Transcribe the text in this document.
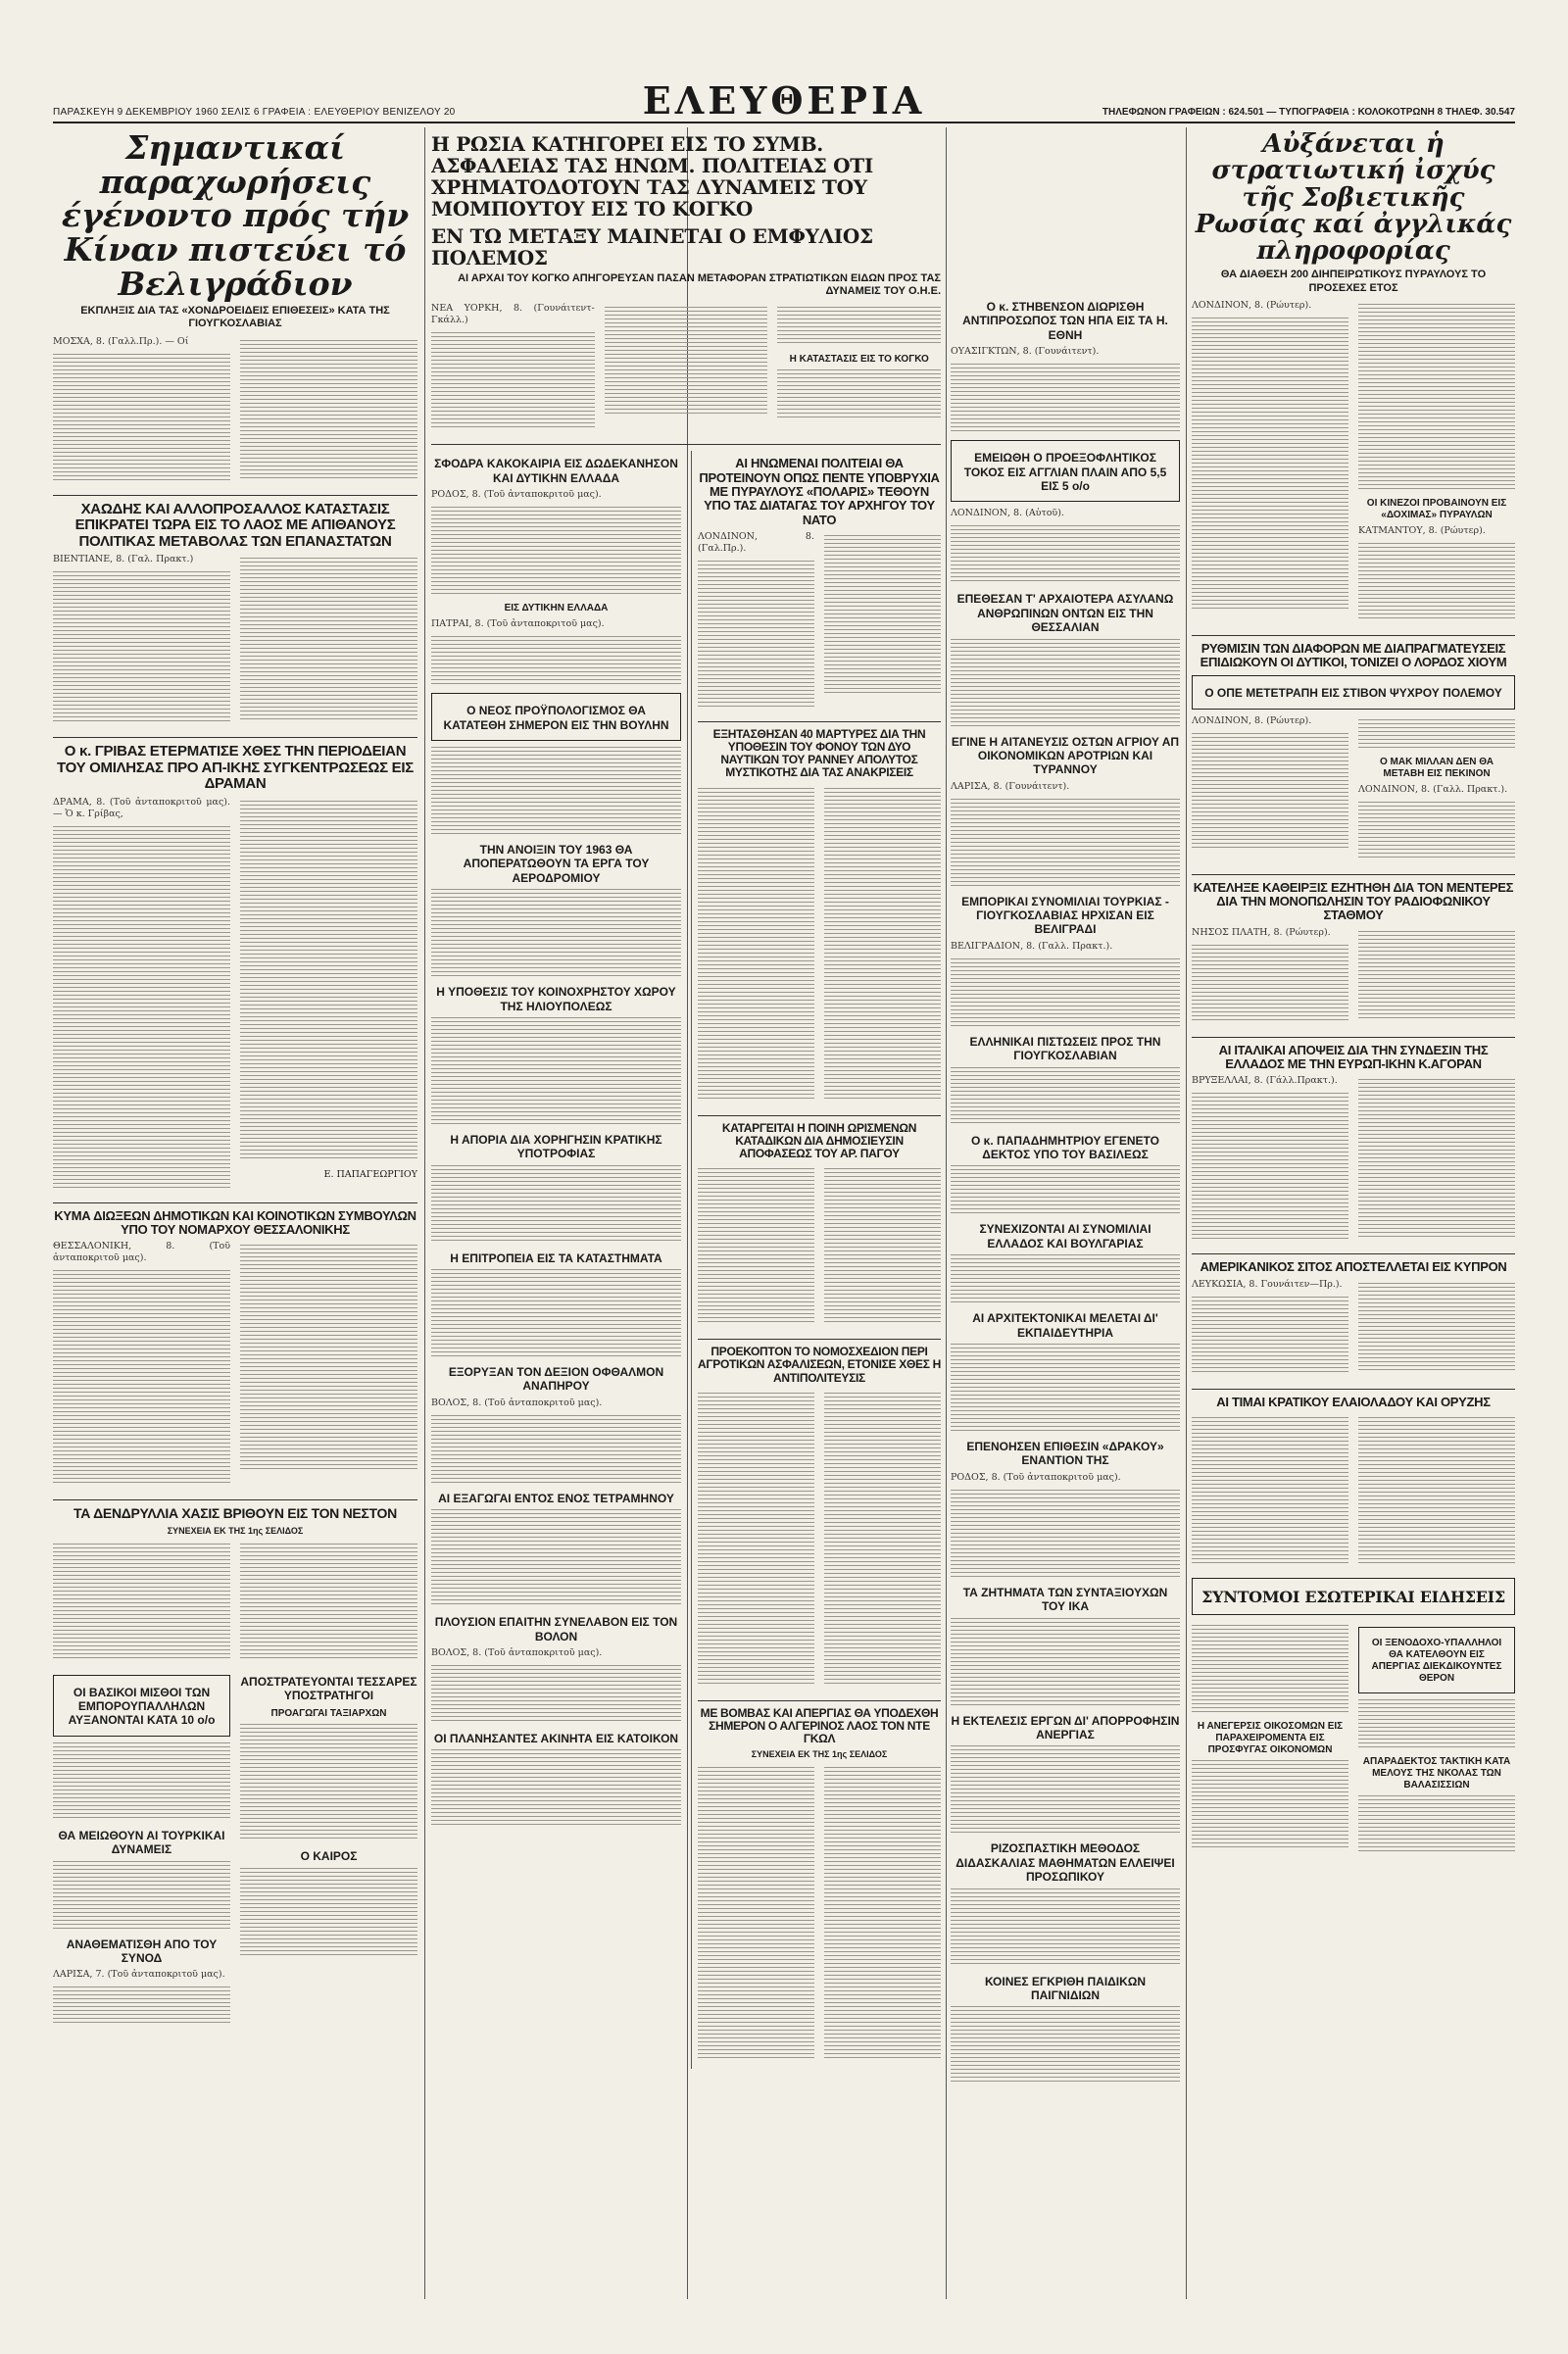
ΠΑΡΑΣΚΕΥΗ 9 ΔΕΚΕΜΒΡΙΟΥ 1960 ΣΕΛΙΣ 6 ΓΡΑΦΕΙΑ : ΕΛΕΥΘΕΡΙΟΥ ΒΕΝΙΖΕΛΟΥ 20	ΕΛΕΥΘΕΡΙΑ	ΤΗΛΕΦΩΝΟΝ ΓΡΑΦΕΙΩΝ : 624.501 — ΤΥΠΟΓΡΑΦΕΙΑ : ΚΟΛΟΚΟΤΡΩΝΗ 8 ΤΗΛΕΦ. 30.547
Σημαντικαί παραχωρήσεις έγένοντο πρός τήν Κίναν πιστεύει τό Βελιγράδιον
ΕΚΠΛΗΞΙΣ ΔΙΑ ΤΑΣ «ΧΟΝΔΡΟΕΙΔΕΙΣ ΕΠΙΘΕΣΕΙΣ» ΚΑΤΑ ΤΗΣ ΓΙΟΥΓΚΟΣΛΑΒΙΑΣ
ΜΟΣΧΑ, 8. (Γαλλ.Πρ.). — Οί
ΧΑΩΔΗΣ ΚΑΙ ΑΛΛΟΠΡΟΣΑΛΛΟΣ ΚΑΤΑΣΤΑΣΙΣ ΕΠΙΚΡΑΤΕΙ ΤΩΡΑ ΕΙΣ ΤΟ ΛΑΟΣ ΜΕ ΑΠΙΘΑΝΟΥΣ ΠΟΛΙΤΙΚΑΣ ΜΕΤΑΒΟΛΑΣ ΤΩΝ ΕΠΑΝΑΣΤΑΤΩΝ
ΒΙΕΝΤΙΑΝΕ, 8. (Γαλ. Πρακτ.)
Ο κ. ΓΡΙΒΑΣ ΕΤΕΡΜΑΤΙΣΕ ΧΘΕΣ ΤΗΝ ΠΕΡΙΟΔΕΙΑΝ ΤΟΥ ΟΜΙΛΗΣΑΣ ΠΡΟ ΑΠ-ΙΚΗΣ ΣΥΓΚΕΝΤΡΩΣΕΩΣ ΕΙΣ ΔΡΑΜΑΝ
ΔΡΑΜΑ, 8. (Τοῦ ἀνταποκριτοῦ μας). — Ὁ κ. Γρίβας,
Ε. ΠΑΠΑΓΕΩΡΓΙΟΥ
ΚΥΜΑ ΔΙΩΞΕΩΝ ΔΗΜΟΤΙΚΩΝ ΚΑΙ ΚΟΙΝΟΤΙΚΩΝ ΣΥΜΒΟΥΛΩΝ ΥΠΟ ΤΟΥ ΝΟΜΑΡΧΟΥ ΘΕΣΣΑΛΟΝΙΚΗΣ
ΘΕΣΣΑΛΟΝΙΚΗ, 8. (Τοῦ ἀνταποκριτοῦ μας).
ΤΑ ΔΕΝΔΡΥΛΛΙΑ ΧΑΣΙΣ ΒΡΙΘΟΥΝ ΕΙΣ ΤΟΝ ΝΕΣΤΟΝ
ΣΥΝΕΧΕΙΑ ΕΚ ΤΗΣ 1ης ΣΕΛΙΔΟΣ
ΟΙ ΒΑΣΙΚΟΙ ΜΙΣΘΟΙ ΤΩΝ ΕΜΠΟΡΟΥΠΑΛΛΗΛΩΝ ΑΥΞΑΝΟΝΤΑΙ ΚΑΤΑ 10 ο/ο
ΘΑ ΜΕΙΩΘΟΥΝ ΑΙ ΤΟΥΡΚΙΚΑΙ ΔΥΝΑΜΕΙΣ
ΑΝΑΘΕΜΑΤΙΣΘΗ ΑΠΟ ΤΟΥ ΣΥΝΟΔ
ΛΑΡΙΣΑ, 7. (Τοῦ ἀνταποκριτοῦ μας).
ΑΠΟΣΤΡΑΤΕΥΟΝΤΑΙ ΤΕΣΣΑΡΕΣ ΥΠΟΣΤΡΑΤΗΓΟΙ
ΠΡΟΑΓΩΓΑΙ ΤΑΞΙΑΡΧΩΝ
Ο ΚΑΙΡΟΣ
Η ΡΩΣΙΑ ΚΑΤΗΓΟΡΕΙ ΕΙΣ ΤΟ ΣΥΜΒ. ΑΣΦΑΛΕΙΑΣ ΤΑΣ ΗΝΩΜ. ΠΟΛΙΤΕΙΑΣ ΟΤΙ ΧΡΗΜΑΤΟΔΟΤΟΥΝ ΤΑΣ ΔΥΝΑΜΕΙΣ ΤΟΥ ΜΟΜΠΟΥΤΟΥ ΕΙΣ ΤΟ ΚΟΓΚΟ
ΕΝ ΤΩ ΜΕΤΑΞΥ ΜΑΙΝΕΤΑΙ Ο ΕΜΦΥΛΙΟΣ ΠΟΛΕΜΟΣ
ΑΙ ΑΡΧΑΙ ΤΟΥ ΚΟΓΚΟ ΑΠΗΓΟΡΕΥΣΑΝ ΠΑΣΑΝ ΜΕΤΑΦΟΡΑΝ ΣΤΡΑΤΙΩΤΙΚΩΝ ΕΙΔΩΝ ΠΡΟΣ ΤΑΣ ΔΥΝΑΜΕΙΣ ΤΟΥ Ο.Η.Ε.
ΝΕΑ ΥΟΡΚΗ, 8. (Γουνάιτεντ-Γκάλλ.)
Η ΚΑΤΑΣΤΑΣΙΣ ΕΙΣ ΤΟ ΚΟΓΚΟ
ΣΦΟΔΡΑ ΚΑΚΟΚΑΙΡΙΑ ΕΙΣ ΔΩΔΕΚΑΝΗΣΟΝ ΚΑΙ ΔΥΤΙΚΗΝ ΕΛΛΑΔΑ
ΡΟΔΟΣ, 8. (Τοῦ ἀνταποκριτοῦ μας).
ΕΙΣ ΔΥΤΙΚΗΝ ΕΛΛΑΔΑ
ΠΑΤΡΑΙ, 8. (Τοῦ ἀνταποκριτοῦ μας).
Ο ΝΕΟΣ ΠΡΟΫΠΟΛΟΓΙΣΜΟΣ ΘΑ ΚΑΤΑΤΕΘΗ ΣΗΜΕΡΟΝ ΕΙΣ ΤΗΝ ΒΟΥΛΗΝ
ΤΗΝ ΑΝΟΙΞΙΝ ΤΟΥ 1963 ΘΑ ΑΠΟΠΕΡΑΤΩΘΟΥΝ ΤΑ ΕΡΓΑ ΤΟΥ ΑΕΡΟΔΡΟΜΙΟΥ
Η ΥΠΟΘΕΣΙΣ ΤΟΥ ΚΟΙΝΟΧΡΗΣΤΟΥ ΧΩΡΟΥ ΤΗΣ ΗΛΙΟΥΠΟΛΕΩΣ
Η ΑΠΟΡΙΑ ΔΙΑ ΧΟΡΗΓΗΣΙΝ ΚΡΑΤΙΚΗΣ ΥΠΟΤΡΟΦΙΑΣ
Η ΕΠΙΤΡΟΠΕΙΑ ΕΙΣ ΤΑ ΚΑΤΑΣΤΗΜΑΤΑ
ΕΞΟΡΥΞΑΝ ΤΟΝ ΔΕΞΙΟΝ ΟΦΘΑΛΜΟΝ ΑΝΑΠΗΡΟΥ
ΒΟΛΟΣ, 8. (Τοῦ ἀνταποκριτοῦ μας).
ΑΙ ΕΞΑΓΩΓΑΙ ΕΝΤΟΣ ΕΝΟΣ ΤΕΤΡΑΜΗΝΟΥ
ΠΛΟΥΣΙΟΝ ΕΠΑΙΤΗΝ ΣΥΝΕΛΑΒΟΝ ΕΙΣ ΤΟΝ ΒΟΛΟΝ
ΒΟΛΟΣ, 8. (Τοῦ ἀνταποκριτοῦ μας).
ΟΙ ΠΛΑΝΗΣΑΝΤΕΣ ΑΚΙΝΗΤΑ ΕΙΣ ΚΑΤΟΙΚΟΝ
ΑΙ ΗΝΩΜΕΝΑΙ ΠΟΛΙΤΕΙΑΙ ΘΑ ΠΡΟΤΕΙΝΟΥΝ ΟΠΩΣ ΠΕΝΤΕ ΥΠΟΒΡΥΧΙΑ ΜΕ ΠΥΡΑΥΛΟΥΣ «ΠΟΛΑΡΙΣ» ΤΕΘΟΥΝ ΥΠΟ ΤΑΣ ΔΙΑΤΑΓΑΣ ΤΟΥ ΑΡΧΗΓΟΥ ΤΟΥ ΝΑΤΟ
ΛΟΝΔΙΝΟΝ, 8. (Γαλ.Πρ.).
ΕΞΗΤΑΣΘΗΣΑΝ 40 ΜΑΡΤΥΡΕΣ ΔΙΑ ΤΗΝ ΥΠΟΘΕΣΙΝ ΤΟΥ ΦΟΝΟΥ ΤΩΝ ΔΥΟ ΝΑΥΤΙΚΩΝ ΤΟΥ ΡΑΝΝΕΥ ΑΠΟΛΥΤΟΣ ΜΥΣΤΙΚΟΤΗΣ ΔΙΑ ΤΑΣ ΑΝΑΚΡΙΣΕΙΣ
ΚΑΤΑΡΓΕΙΤΑΙ Η ΠΟΙΝΗ ΩΡΙΣΜΕΝΩΝ ΚΑΤΑΔΙΚΩΝ ΔΙΑ ΔΗΜΟΣΙΕΥΣΙΝ ΑΠΟΦΑΣΕΩΣ ΤΟΥ ΑΡ. ΠΑΓΟΥ
ΠΡΟΕΚΟΠΤΟΝ ΤΟ ΝΟΜΟΣΧΕΔΙΟΝ ΠΕΡΙ ΑΓΡΟΤΙΚΩΝ ΑΣΦΑΛΙΣΕΩΝ, ΕΤΟΝΙΣΕ ΧΘΕΣ Η ΑΝΤΙΠΟΛΙΤΕΥΣΙΣ
ΜΕ ΒΟΜΒΑΣ ΚΑΙ ΑΠΕΡΓΙΑΣ ΘΑ ΥΠΟΔΕΧΘΗ ΣΗΜΕΡΟΝ Ο ΑΛΓΕΡΙΝΟΣ ΛΑΟΣ ΤΟΝ ΝΤΕ ΓΚΩΛ
ΣΥΝΕΧΕΙΑ ΕΚ ΤΗΣ 1ης ΣΕΛΙΔΟΣ
Ο κ. ΣΤΗΒΕΝΣΟΝ ΔΙΩΡΙΣΘΗ ΑΝΤΙΠΡΟΣΩΠΟΣ ΤΩΝ ΗΠΑ ΕΙΣ ΤΑ Η. ΕΘΝΗ
ΟΥΑΣΙΓΚΤΩΝ, 8. (Γουνάιτεντ).
ΕΜΕΙΩΘΗ Ο ΠΡΟΕΞΟΦΛΗΤΙΚΟΣ ΤΟΚΟΣ ΕΙΣ ΑΓΓΛΙΑΝ ΠΛΑΙΝ ΑΠΟ 5,5 ΕΙΣ 5 ο/ο
ΛΟΝΔΙΝΟΝ, 8. (Αὐτοῦ).
ΕΠΕΘΕΣΑΝ Τ' ΑΡΧΑΙΟΤΕΡΑ ΑΣΥΛΑΝΩ ΑΝΘΡΩΠΙΝΩΝ ΟΝΤΩΝ ΕΙΣ ΤΗΝ ΘΕΣΣΑΛΙΑΝ
ΕΓΙΝΕ Η ΑΙΤΑΝΕΥΣΙΣ ΟΣΤΩΝ ΑΓΡΙΟΥ ΑΠ ΟΙΚΟΝΟΜΙΚΩΝ ΑΡΟΤΡΙΩΝ ΚΑΙ ΤΥΡΑΝΝΟΥ
ΛΑΡΙΣΑ, 8. (Γουνάιτεντ).
ΕΜΠΟΡΙΚΑΙ ΣΥΝΟΜΙΛΙΑΙ ΤΟΥΡΚΙΑΣ - ΓΙΟΥΓΚΟΣΛΑΒΙΑΣ ΗΡΧΙΣΑΝ ΕΙΣ ΒΕΛΙΓΡΑΔΙ
ΒΕΛΙΓΡΑΔΙΟΝ, 8. (Γαλλ. Πρακτ.).
ΕΛΛΗΝΙΚΑΙ ΠΙΣΤΩΣΕΙΣ ΠΡΟΣ ΤΗΝ ΓΙΟΥΓΚΟΣΛΑΒΙΑΝ
Ο κ. ΠΑΠΑΔΗΜΗΤΡΙΟΥ ΕΓΕΝΕΤΟ ΔΕΚΤΟΣ ΥΠΟ ΤΟΥ ΒΑΣΙΛΕΩΣ
ΣΥΝΕΧΙΖΟΝΤΑΙ ΑΙ ΣΥΝΟΜΙΛΙΑΙ ΕΛΛΑΔΟΣ ΚΑΙ ΒΟΥΛΓΑΡΙΑΣ
ΑΙ ΑΡΧΙΤΕΚΤΟΝΙΚΑΙ ΜΕΛΕΤΑΙ ΔΙ' ΕΚΠΑΙΔΕΥΤΗΡΙΑ
ΕΠΕΝΟΗΣΕΝ ΕΠΙΘΕΣΙΝ «ΔΡΑΚΟΥ» ΕΝΑΝΤΙΟΝ ΤΗΣ
ΡΟΔΟΣ, 8. (Τοῦ ἀνταποκριτοῦ μας).
ΤΑ ΖΗΤΗΜΑΤΑ ΤΩΝ ΣΥΝΤΑΞΙΟΥΧΩΝ ΤΟΥ ΙΚΑ
Η ΕΚΤΕΛΕΣΙΣ ΕΡΓΩΝ ΔΙ' ΑΠΟΡΡΟΦΗΣΙΝ ΑΝΕΡΓΙΑΣ
ΡΙΖΟΣΠΑΣΤΙΚΗ ΜΕΘΟΔΟΣ ΔΙΔΑΣΚΑΛΙΑΣ ΜΑΘΗΜΑΤΩΝ ΕΛΛΕΙΨΕΙ ΠΡΟΣΩΠΙΚΟΥ
ΚΟΙΝΕΣ ΕΓΚΡΙΘΗ ΠΑΙΔΙΚΩΝ ΠΑΙΓΝΙΔΙΩΝ
Αὐξάνεται ἡ στρατιωτική ἰσχύς τῆς Σοβιετικῆς Ρωσίας καί ἀγγλικάς πληροφορίας
ΘΑ ΔΙΑΘΕΣΗ 200 ΔΙΗΠΕΙΡΩΤΙΚΟΥΣ ΠΥΡΑΥΛΟΥΣ ΤΟ ΠΡΟΣΕΧΕΣ ΕΤΟΣ
ΛΟΝΔΙΝΟΝ, 8. (Ρώυτερ).
ΟΙ ΚΙΝΕΖΟΙ ΠΡΟΒΑΙΝΟΥΝ ΕΙΣ «ΔΟΧΙΜΑΣ» ΠΥΡΑΥΛΩΝ
ΚΑΤΜΑΝΤΟΥ, 8. (Ρώυτερ).
ΡΥΘΜΙΣΙΝ ΤΩΝ ΔΙΑΦΟΡΩΝ ΜΕ ΔΙΑΠΡΑΓΜΑΤΕΥΣΕΙΣ ΕΠΙΔΙΩΚΟΥΝ ΟΙ ΔΥΤΙΚΟΙ, ΤΟΝΙΖΕΙ Ο ΛΟΡΔΟΣ ΧΙΟΥΜ
Ο ΟΠΕ ΜΕΤΕΤΡΑΠΗ ΕΙΣ ΣΤΙΒΟΝ ΨΥΧΡΟΥ ΠΟΛΕΜΟΥ
ΛΟΝΔΙΝΟΝ, 8. (Ρώυτερ).
Ο ΜΑΚ ΜΙΛΛΑΝ ΔΕΝ ΘΑ ΜΕΤΑΒΗ ΕΙΣ ΠΕΚΙΝΟΝ
ΛΟΝΔΙΝΟΝ, 8. (Γαλλ. Πρακτ.).
ΚΑΤΕΛΗΞΕ ΚΑΘΕΙΡΞΙΣ ΕΖΗΤΗΘΗ ΔΙΑ ΤΟΝ ΜΕΝΤΕΡΕΣ ΔΙΑ ΤΗΝ ΜΟΝΟΠΩΛΗΣΙΝ ΤΟΥ ΡΑΔΙΟΦΩΝΙΚΟΥ ΣΤΑΘΜΟΥ
ΝΗΣΟΣ ΠΛΑΤΗ, 8. (Ρώυτερ).
ΑΙ ΙΤΑΛΙΚΑΙ ΑΠΟΨΕΙΣ ΔΙΑ ΤΗΝ ΣΥΝΔΕΣΙΝ ΤΗΣ ΕΛΛΑΔΟΣ ΜΕ ΤΗΝ ΕΥΡΩΠ-ΙΚΗΝ Κ.ΑΓΟΡΑΝ
ΒΡΥΞΕΛΛΑΙ, 8. (Γάλλ.Πρακτ.).
ΑΜΕΡΙΚΑΝΙΚΟΣ ΣΙΤΟΣ ΑΠΟΣΤΕΛΛΕΤΑΙ ΕΙΣ ΚΥΠΡΟΝ
ΛΕΥΚΩΣΙΑ, 8. Γουνάιτεν—Πρ.).
ΑΙ ΤΙΜΑΙ ΚΡΑΤΙΚΟΥ ΕΛΑΙΟΛΑΔΟΥ ΚΑΙ ΟΡΥΖΗΣ
ΣΥΝΤΟΜΟΙ ΕΣΩΤΕΡΙΚΑΙ ΕΙΔΗΣΕΙΣ
Η ΑΝΕΓΕΡΣΙΣ ΟΙΚΟΣΟΜΩΝ ΕΙΣ ΠΑΡΑΧΕΙΡΟΜΕΝΤΑ ΕΙΣ ΠΡΟΣΦΥΓΑΣ ΟΙΚΟΝΟΜΩΝ
ΟΙ ΞΕΝΟΔΟΧΟ-ΥΠΑΛΛΗΛΟΙ ΘΑ ΚΑΤΕΛΘΟΥΝ ΕΙΣ ΑΠΕΡΓΙΑΣ ΔΙΕΚΔΙΚΟΥΝΤΕΣ ΘΕΡΟΝ
ΑΠΑΡΑΔΕΚΤΟΣ ΤΑΚΤΙΚΗ ΚΑΤΑ ΜΕΛΟΥΣ ΤΗΣ ΝΚΟΛΑΣ ΤΩΝ ΒΑΛΑΣΙΣΣΙΩΝ
